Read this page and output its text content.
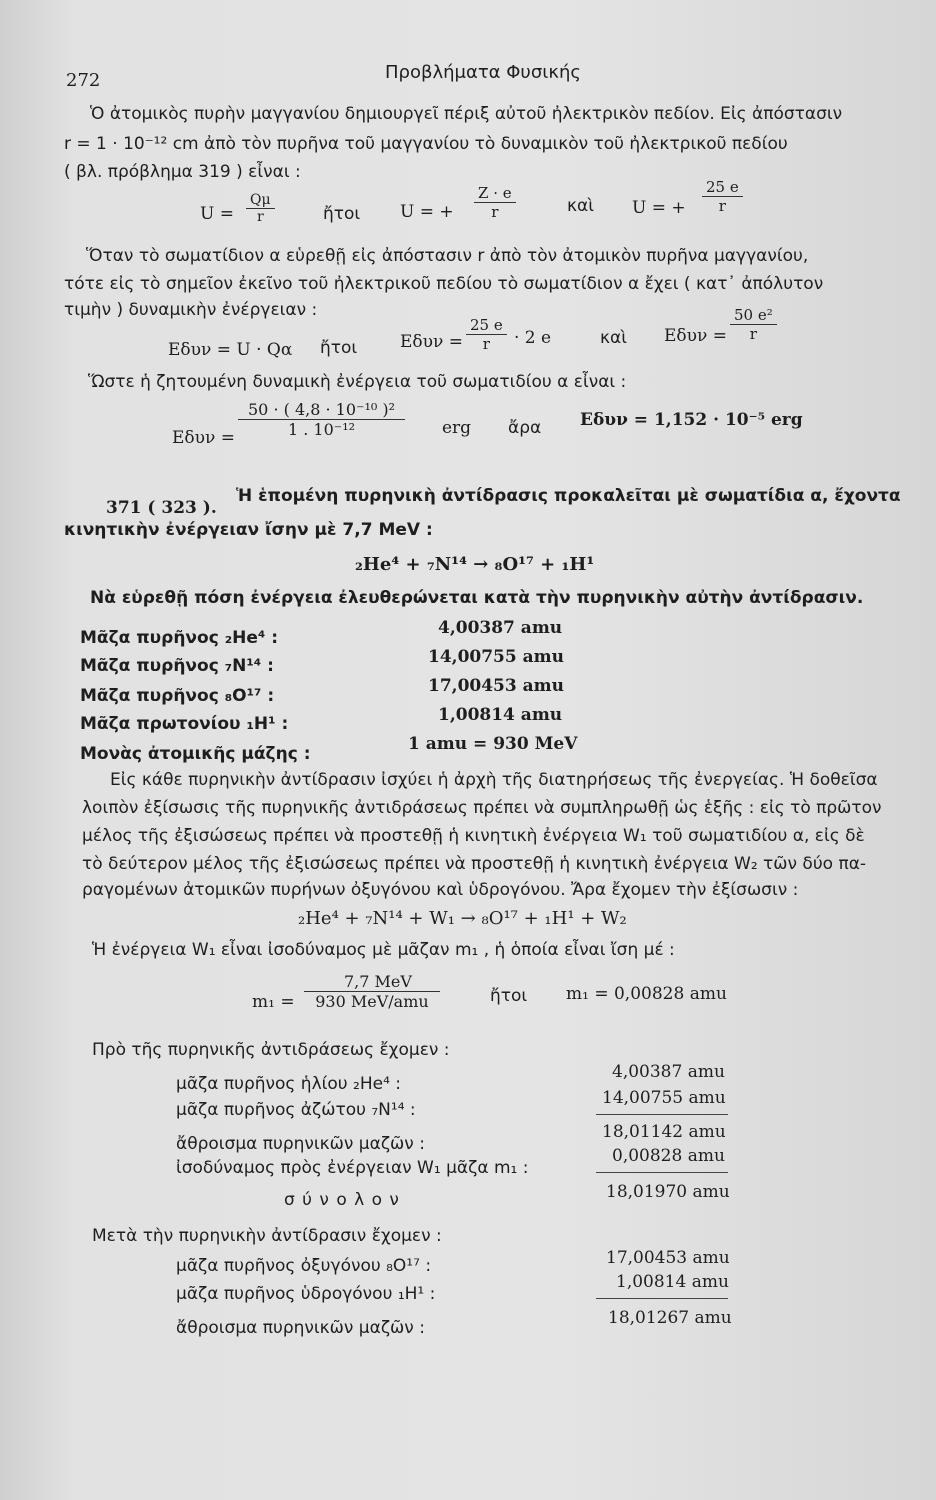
272	Προβλήματα Φυσικής
Ὁ ἀτομικὸς πυρὴν μαγγανίου δημιουργεῖ πέριξ αὐτοῦ ἠλεκτρικὸν πεδίον. Εἰς ἀπόστασιν
r = 1 · 10⁻¹² cm ἀπὸ τὸν πυρῆνα τοῦ μαγγανίου τὸ δυναμικὸν τοῦ ἠλεκτρικοῦ πεδίου
( βλ. πρόβλημα 319 ) εἶναι :
$U = \frac{Q\mu}{r}$	ἤτοι U = + $\frac{Z \cdot e}{r}$	καὶ U = + $\frac{25 e}{r}$
Ὅταν τὸ σωματίδιον α εὑρεθῇ εἰς ἀπόστασιν r ἀπὸ τὸν ἀτομικὸν πυρῆνα μαγγανίου,
τότε εἰς τὸ σημεῖον ἐκεῖνο τοῦ ἠλεκτρικοῦ πεδίου τὸ σωματίδιον α ἔχει ( κατ᾽ ἀπόλυτον
τιμὴν ) δυναμικὴν ἐνέργειαν :
Eδυν = U · Qα ἤτοι	$E\delta\upsilon\nu = \frac{25 e}{r} \cdot 2$ e	καὶ $E\delta\upsilon\nu = \frac{\text{50 e²}}{r}$
Ὥστε ἡ ζητουμένη δυναμικὴ ἐνέργεια τοῦ σωματιδίου α εἶναι :
$E\delta\upsilon\nu = \frac{\text{50 · ( 4,8 · 10⁻¹⁰ )²}}{\text{1 . 10⁻¹²}}$ erg ἄρα Eδυν = 1,152 · 10⁻⁵ erg
371 ( 323 ).
Ἡ ἑπομένη πυρηνικὴ ἀντίδρασις προκαλεῖται μὲ σωματίδια α, ἔχοντα
κινητικὴν ἐνέργειαν ἴσην μὲ 7,7 MeV :
₂He⁴ + ₇N¹⁴ → ₈O¹⁷ + ₁H¹
Νὰ εὑρεθῇ πόση ἐνέργεια ἐλευθερώνεται κατὰ τὴν πυρηνικὴν αὐτὴν ἀντίδρασιν.
Μᾶζα πυρῆνος ₂He⁴ :	4,00387 amu
Μᾶζα πυρῆνος ₇N¹⁴ :	14,00755 amu
Μᾶζα πυρῆνος ₈O¹⁷ :	17,00453 amu
Μᾶζα πρωτονίου ₁H¹ :	1,00814 amu
Μονὰς ἀτομικῆς μάζης :	1 amu = 930 MeV
Εἰς κάθε πυρηνικὴν ἀντίδρασιν ἰσχύει ἡ ἀρχὴ τῆς διατηρήσεως τῆς ἐνεργείας. Ἡ δοθεῖσα
λοιπὸν ἐξίσωσις τῆς πυρηνικῆς ἀντιδράσεως πρέπει νὰ συμπληρωθῇ ὡς ἑξῆς : εἰς τὸ πρῶτον
μέλος τῆς ἐξισώσεως πρέπει νὰ προστεθῇ ἡ κινητικὴ ἐνέργεια W₁ τοῦ σωματιδίου α, εἰς δὲ
τὸ δεύτερον μέλος τῆς ἐξισώσεως πρέπει νὰ προστεθῇ ἡ κινητικὴ ἐνέργεια W₂ τῶν δύο πα-
ραγομένων ἀτομικῶν πυρήνων ὀξυγόνου καὶ ὑδρογόνου. Ἄρα ἔχομεν τὴν ἐξίσωσιν :
₂He⁴ + ₇N¹⁴ + W₁ → ₈O¹⁷ + ₁H¹ + W₂
Ἡ ἐνέργεια W₁ εἶναι ἰσοδύναμος μὲ μᾶζαν m₁ , ἡ ὁποία εἶναι ἴση μέ :
m₁ =
7,7 MeV
930 MeV/amu	ἤτοι m₁ = 0,00828 amu
Πρὸ τῆς πυρηνικῆς ἀντιδράσεως ἔχομεν :
μᾶζα πυρῆνος ἡλίου ₂He⁴ :
4,00387 amu
μᾶζα πυρῆνος ἀζώτου ₇N¹⁴ :
14,00755 amu
ἄθροισμα πυρηνικῶν μαζῶν :
18,01142 amu
ἰσοδύναμος πρὸς ἐνέργειαν W₁ μᾶζα m₁ :
0,00828 amu
σ ύ ν ο λ ο ν	18,01970 amu
Μετὰ τὴν πυρηνικὴν ἀντίδρασιν ἔχομεν :
μᾶζα πυρῆνος ὀξυγόνου ₈O¹⁷ :	17,00453 amu
μᾶζα πυρῆνος ὑδρογόνου ₁H¹ :
1,00814 amu
ἄθροισμα πυρηνικῶν μαζῶν :	18,01267 amu
